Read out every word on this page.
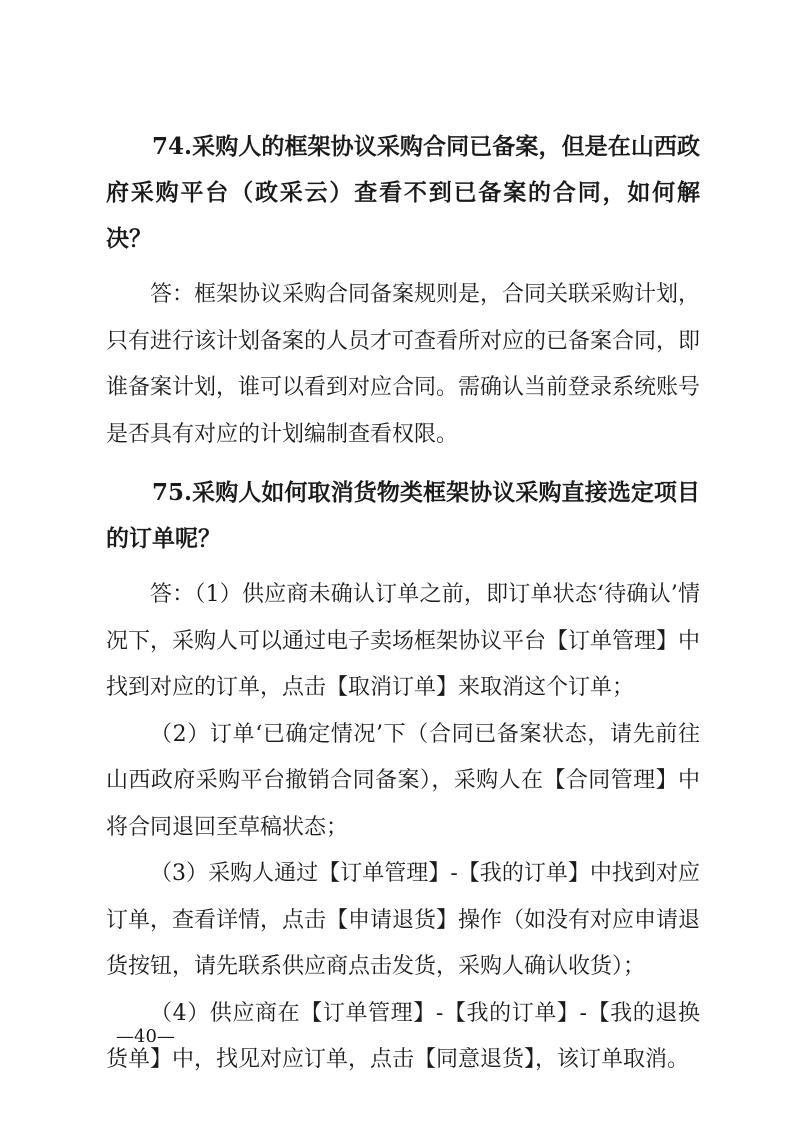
74.采购人的框架协议采购合同已备案，但是在山西政府采购平台（政采云）查看不到已备案的合同，如何解决？

答：框架协议采购合同备案规则是，合同关联采购计划，只有进行该计划备案的人员才可查看所对应的已备案合同，即谁备案计划，谁可以看到对应合同。需确认当前登录系统账号是否具有对应的计划编制查看权限。

75.采购人如何取消货物类框架协议采购直接选定项目的订单呢？

答：（1）供应商未确认订单之前，即订单状态‘待确认’情况下，采购人可以通过电子卖场框架协议平台【订单管理】中找到对应的订单，点击【取消订单】来取消这个订单；

（2）订单‘已确定情况’下（合同已备案状态，请先前往山西政府采购平台撤销合同备案），采购人在【合同管理】中将合同退回至草稿状态；

（3）采购人通过【订单管理】-【我的订单】中找到对应订单，查看详情，点击【申请退货】操作（如没有对应申请退货按钮，请先联系供应商点击发货，采购人确认收货）；

（4）供应商在【订单管理】-【我的订单】-【我的退换货单】中，找见对应订单，点击【同意退货】，该订单取消。

—40—
